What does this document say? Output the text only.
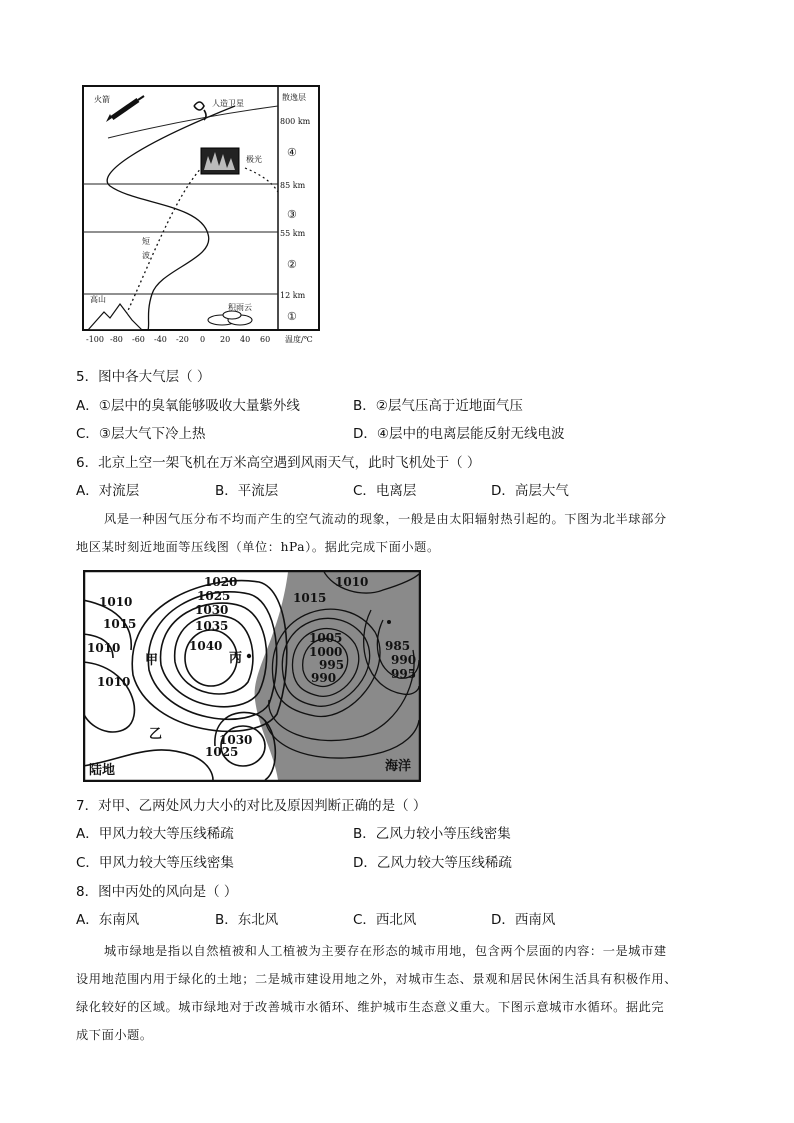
火箭	人造卫星
散逸层
极光
短
波
高山
积雨云
800 km
85 km
55 km
12 km
④
③
②
①
-100 -80 -60 -40 -20 0 20 40 60 温度/℃
5．图中各大气层（ ）
A．①层中的臭氧能够吸收大量紫外线	B．②层气压高于近地面气压
C．③层大气下冷上热	D．④层中的电离层能反射无线电波
6．北京上空一架飞机在万米高空遇到风雨天气，此时飞机处于（ ）
A．对流层	B．平流层	C．电离层	D．高层大气
风是一种因气压分布不均而产生的空气流动的现象，一般是由太阳辐射热引起的。下图为北半球部分
地区某时刻近地面等压线图（单位：hPa）。据此完成下面小题。
1020
1025
1030
1035
1040
1010
1015
1010
1010
1030
1025
1010
1015
1005
1000
995
990
985
990
995
甲
乙
丙
陆地	海洋
7．对甲、乙两处风力大小的对比及原因判断正确的是（ ）
A．甲风力较大等压线稀疏	B．乙风力较小等压线密集
C．甲风力较大等压线密集	D．乙风力较大等压线稀疏
8．图中丙处的风向是（ ）
A．东南风	B．东北风	C．西北风	D．西南风
城市绿地是指以自然植被和人工植被为主要存在形态的城市用地，包含两个层面的内容：一是城市建
设用地范围内用于绿化的土地；二是城市建设用地之外，对城市生态、景观和居民休闲生活具有积极作用、
绿化较好的区域。城市绿地对于改善城市水循环、维护城市生态意义重大。下图示意城市水循环。据此完
成下面小题。
